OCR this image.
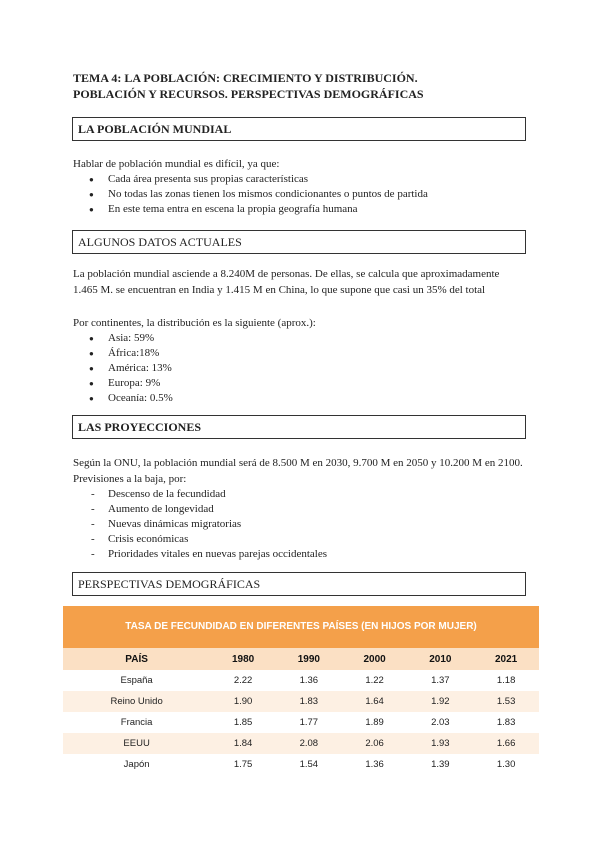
TEMA 4: LA POBLACIÓN: CRECIMIENTO Y DISTRIBUCIÓN.
POBLACIÓN Y RECURSOS. PERSPECTIVAS DEMOGRÁFICAS
LA POBLACIÓN MUNDIAL
Hablar de población mundial es difícil, ya que:
● Cada área presenta sus propias características
● No todas las zonas tienen los mismos condicionantes o puntos de partida
● En este tema entra en escena la propia geografía humana
ALGUNOS DATOS ACTUALES
La población mundial asciende a 8.240M de personas. De ellas, se calcula que aproximadamente
1.465 M. se encuentran en India y 1.415 M en China, lo que supone que casi un 35% del total
Por continentes, la distribución es la siguiente (aprox.):
● Asia: 59%
● África:18%
● América: 13%
● Europa: 9%
● Oceanía: 0.5%
LAS PROYECCIONES
Según la ONU, la población mundial será de 8.500 M en 2030, 9.700 M en 2050 y 10.200 M en 2100.
Previsiones a la baja, por:
- Descenso de la fecundidad
- Aumento de longevidad
- Nuevas dinámicas migratorias
- Crisis económicas
- Prioridades vitales en nuevas parejas occidentales
PERSPECTIVAS DEMOGRÁFICAS
TASA DE FECUNDIDAD EN DIFERENTES PAÍSES (EN HIJOS POR MUJER)
PAÍS	1980	1990	2000	2010	2021
España	2.22	1.36	1.22	1.37	1.18
Reino Unido	1.90	1.83	1.64	1.92	1.53
Francia	1.85	1.77	1.89	2.03	1.83
EEUU	1.84	2.08	2.06	1.93	1.66
Japón	1.75	1.54	1.36	1.39	1.30
